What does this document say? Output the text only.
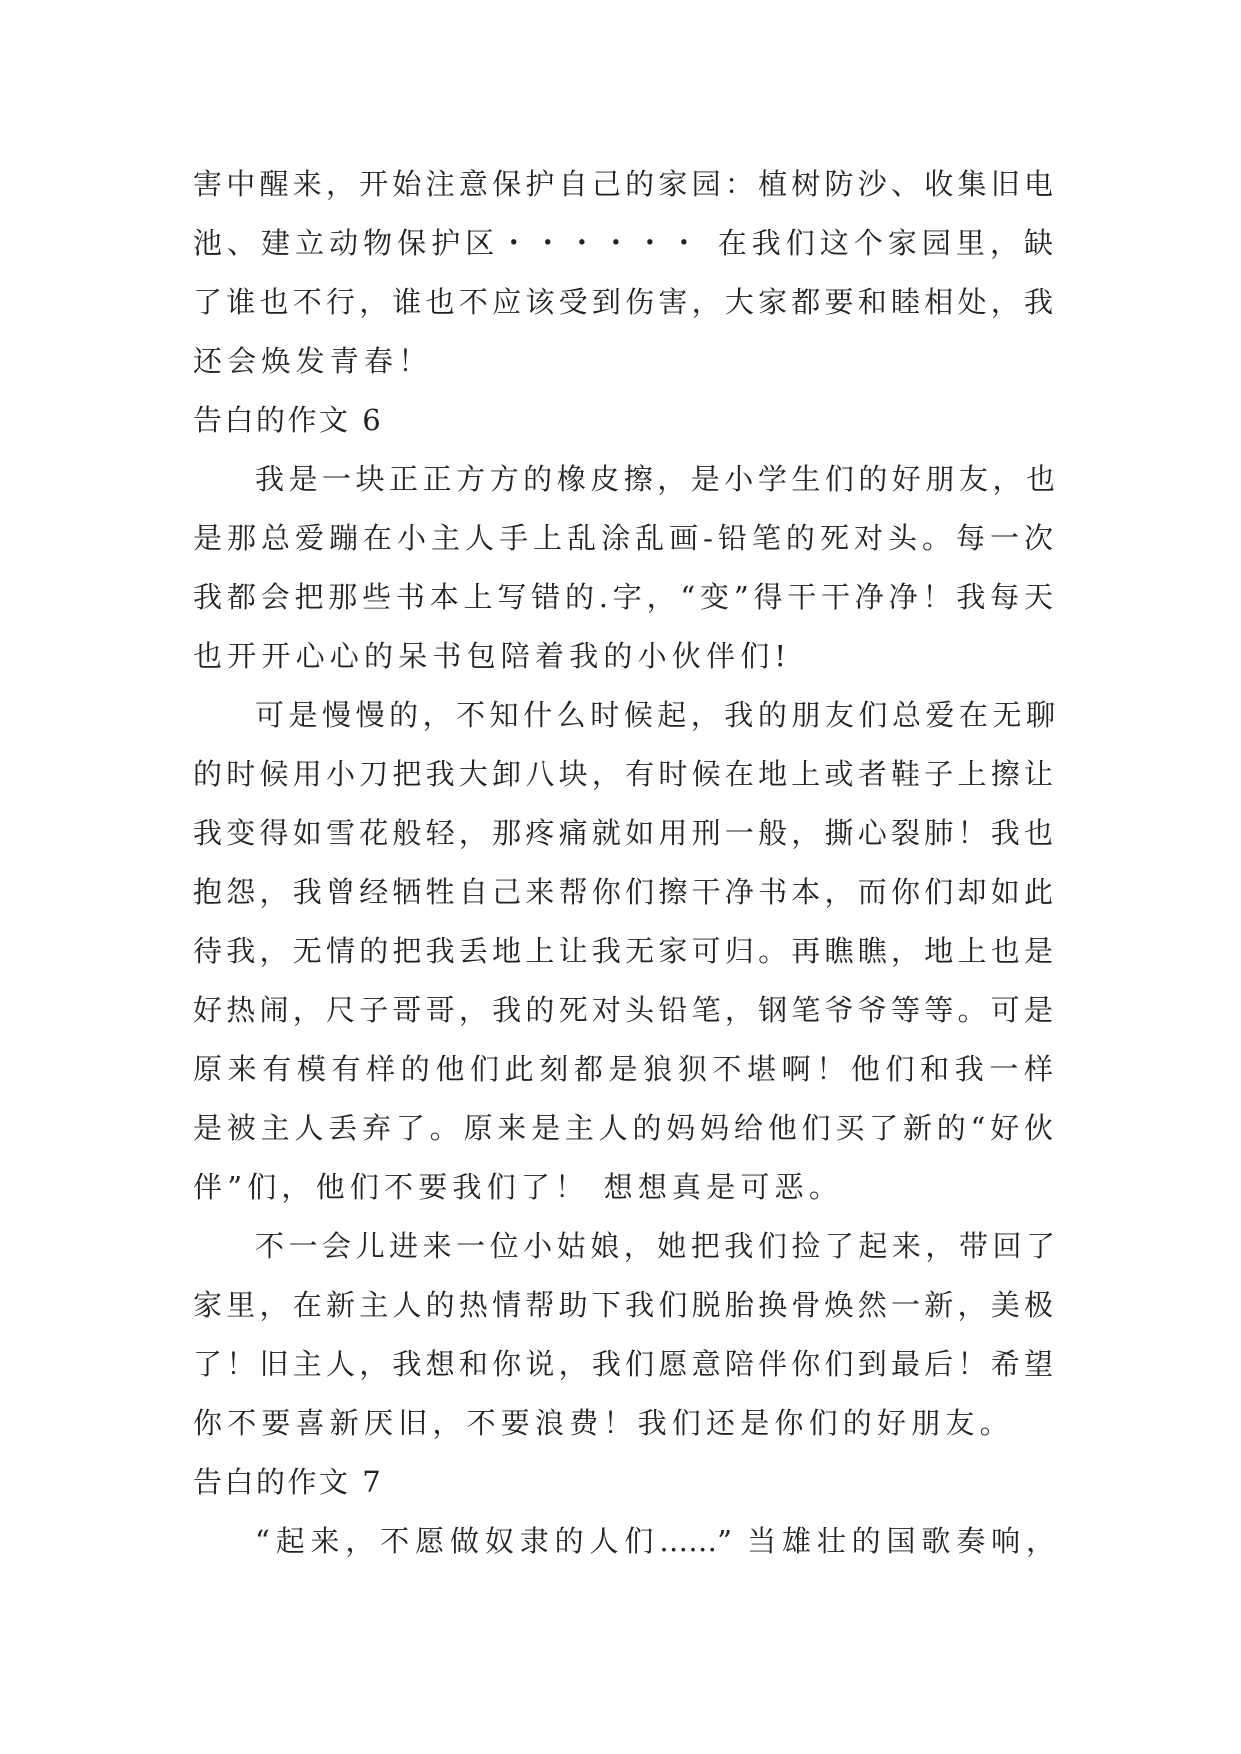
害中醒来，开始注意保护自己的家园：植树防沙、收集旧电
池、建立动物保护区・・・・・・ 在我们这个家园里，缺
了谁也不行，谁也不应该受到伤害，大家都要和睦相处，我
还会焕发青春！
告白的作文 6
我是一块正正方方的橡皮擦，是小学生们的好朋友，也
是那总爱蹦在小主人手上乱涂乱画-铅笔的死对头。每一次
我都会把那些书本上写错的.字，“变”得干干净净！我每天
也开开心心的呆书包陪着我的小伙伴们!
可是慢慢的，不知什么时候起，我的朋友们总爱在无聊
的时候用小刀把我大卸八块，有时候在地上或者鞋子上擦让
我变得如雪花般轻，那疼痛就如用刑一般，撕心裂肺！我也
抱怨，我曾经牺牲自己来帮你们擦干净书本，而你们却如此
待我，无情的把我丢地上让我无家可归。再瞧瞧，地上也是
好热闹，尺子哥哥，我的死对头铅笔，钢笔爷爷等等。可是
原来有模有样的他们此刻都是狼狈不堪啊！他们和我一样
是被主人丢弃了。原来是主人的妈妈给他们买了新的“好伙
伴”们，他们不要我们了！ 想想真是可恶。
不一会儿进来一位小姑娘，她把我们捡了起来，带回了
家里，在新主人的热情帮助下我们脱胎换骨焕然一新，美极
了！旧主人，我想和你说，我们愿意陪伴你们到最后！希望
你不要喜新厌旧，不要浪费！我们还是你们的好朋友。
告白的作文 7
“起来，不愿做奴隶的人们……” 当雄壮的国歌奏响，
